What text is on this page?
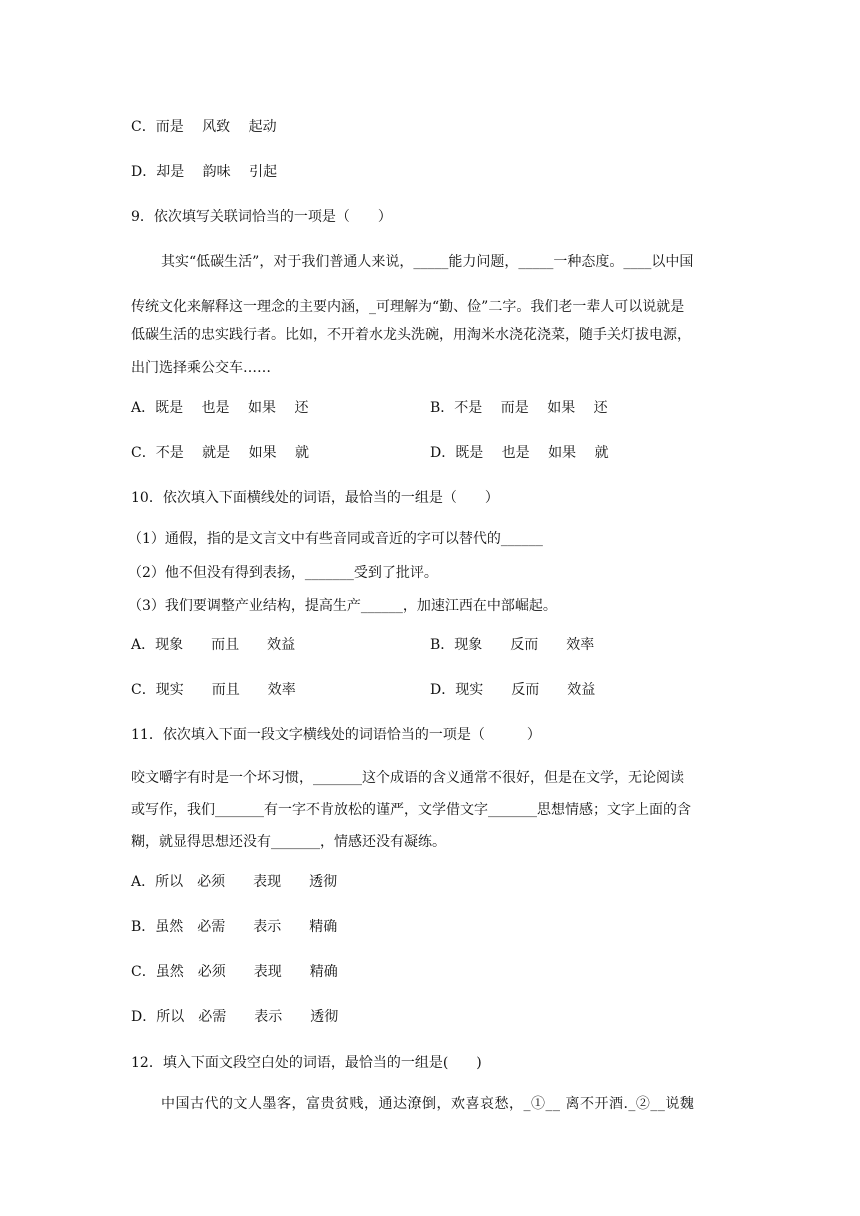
C．而是　 风致　 起动
D．却是　 韵味　 引起
9．依次填写关联词恰当的一项是（　　）
其实“低碳生活”，对于我们普通人来说，_____能力问题，_____一种态度。____以中国
传统文化来解释这一理念的主要内涵，_可理解为“勤、俭”二字。我们老一辈人可以说就是
低碳生活的忠实践行者。比如，不开着水龙头洗碗，用淘米水浇花浇菜，随手关灯拔电源，
出门选择乘公交车……
A．既是　 也是　 如果　 还	B．不是　 而是　 如果　 还
C．不是　 就是　 如果　 就	D．既是　 也是　 如果　 就
10．依次填入下面横线处的词语，最恰当的一组是（　　）
（1）通假，指的是文言文中有些音同或音近的字可以替代的______
（2）他不但没有得到表扬，_______受到了批评。
（3）我们要调整产业结构，提高生产______，加速江西在中部崛起。
A．现象　　而且　　效益	B．现象　　反而　　效率
C．现实　　而且　　效率	D．现实　　反而　　效益
11．依次填入下面一段文字横线处的词语恰当的一项是（　　　）
咬文嚼字有时是一个坏习惯，_______这个成语的含义通常不很好，但是在文学，无论阅读
或写作，我们_______有一字不肯放松的谨严，文学借文字_______思想情感；文字上面的含
糊，就显得思想还没有_______，情感还没有凝练。
A．所以　必须　　表现　　透彻
B．虽然　必需　　表示　　精确
C．虽然　必须　　表现　　精确
D．所以　必需　　表示　　透彻
12．填入下面文段空白处的词语，最恰当的一组是(　　)
中国古代的文人墨客，富贵贫贱，通达潦倒，欢喜哀愁，_①__ 离不开酒._②__说魏
